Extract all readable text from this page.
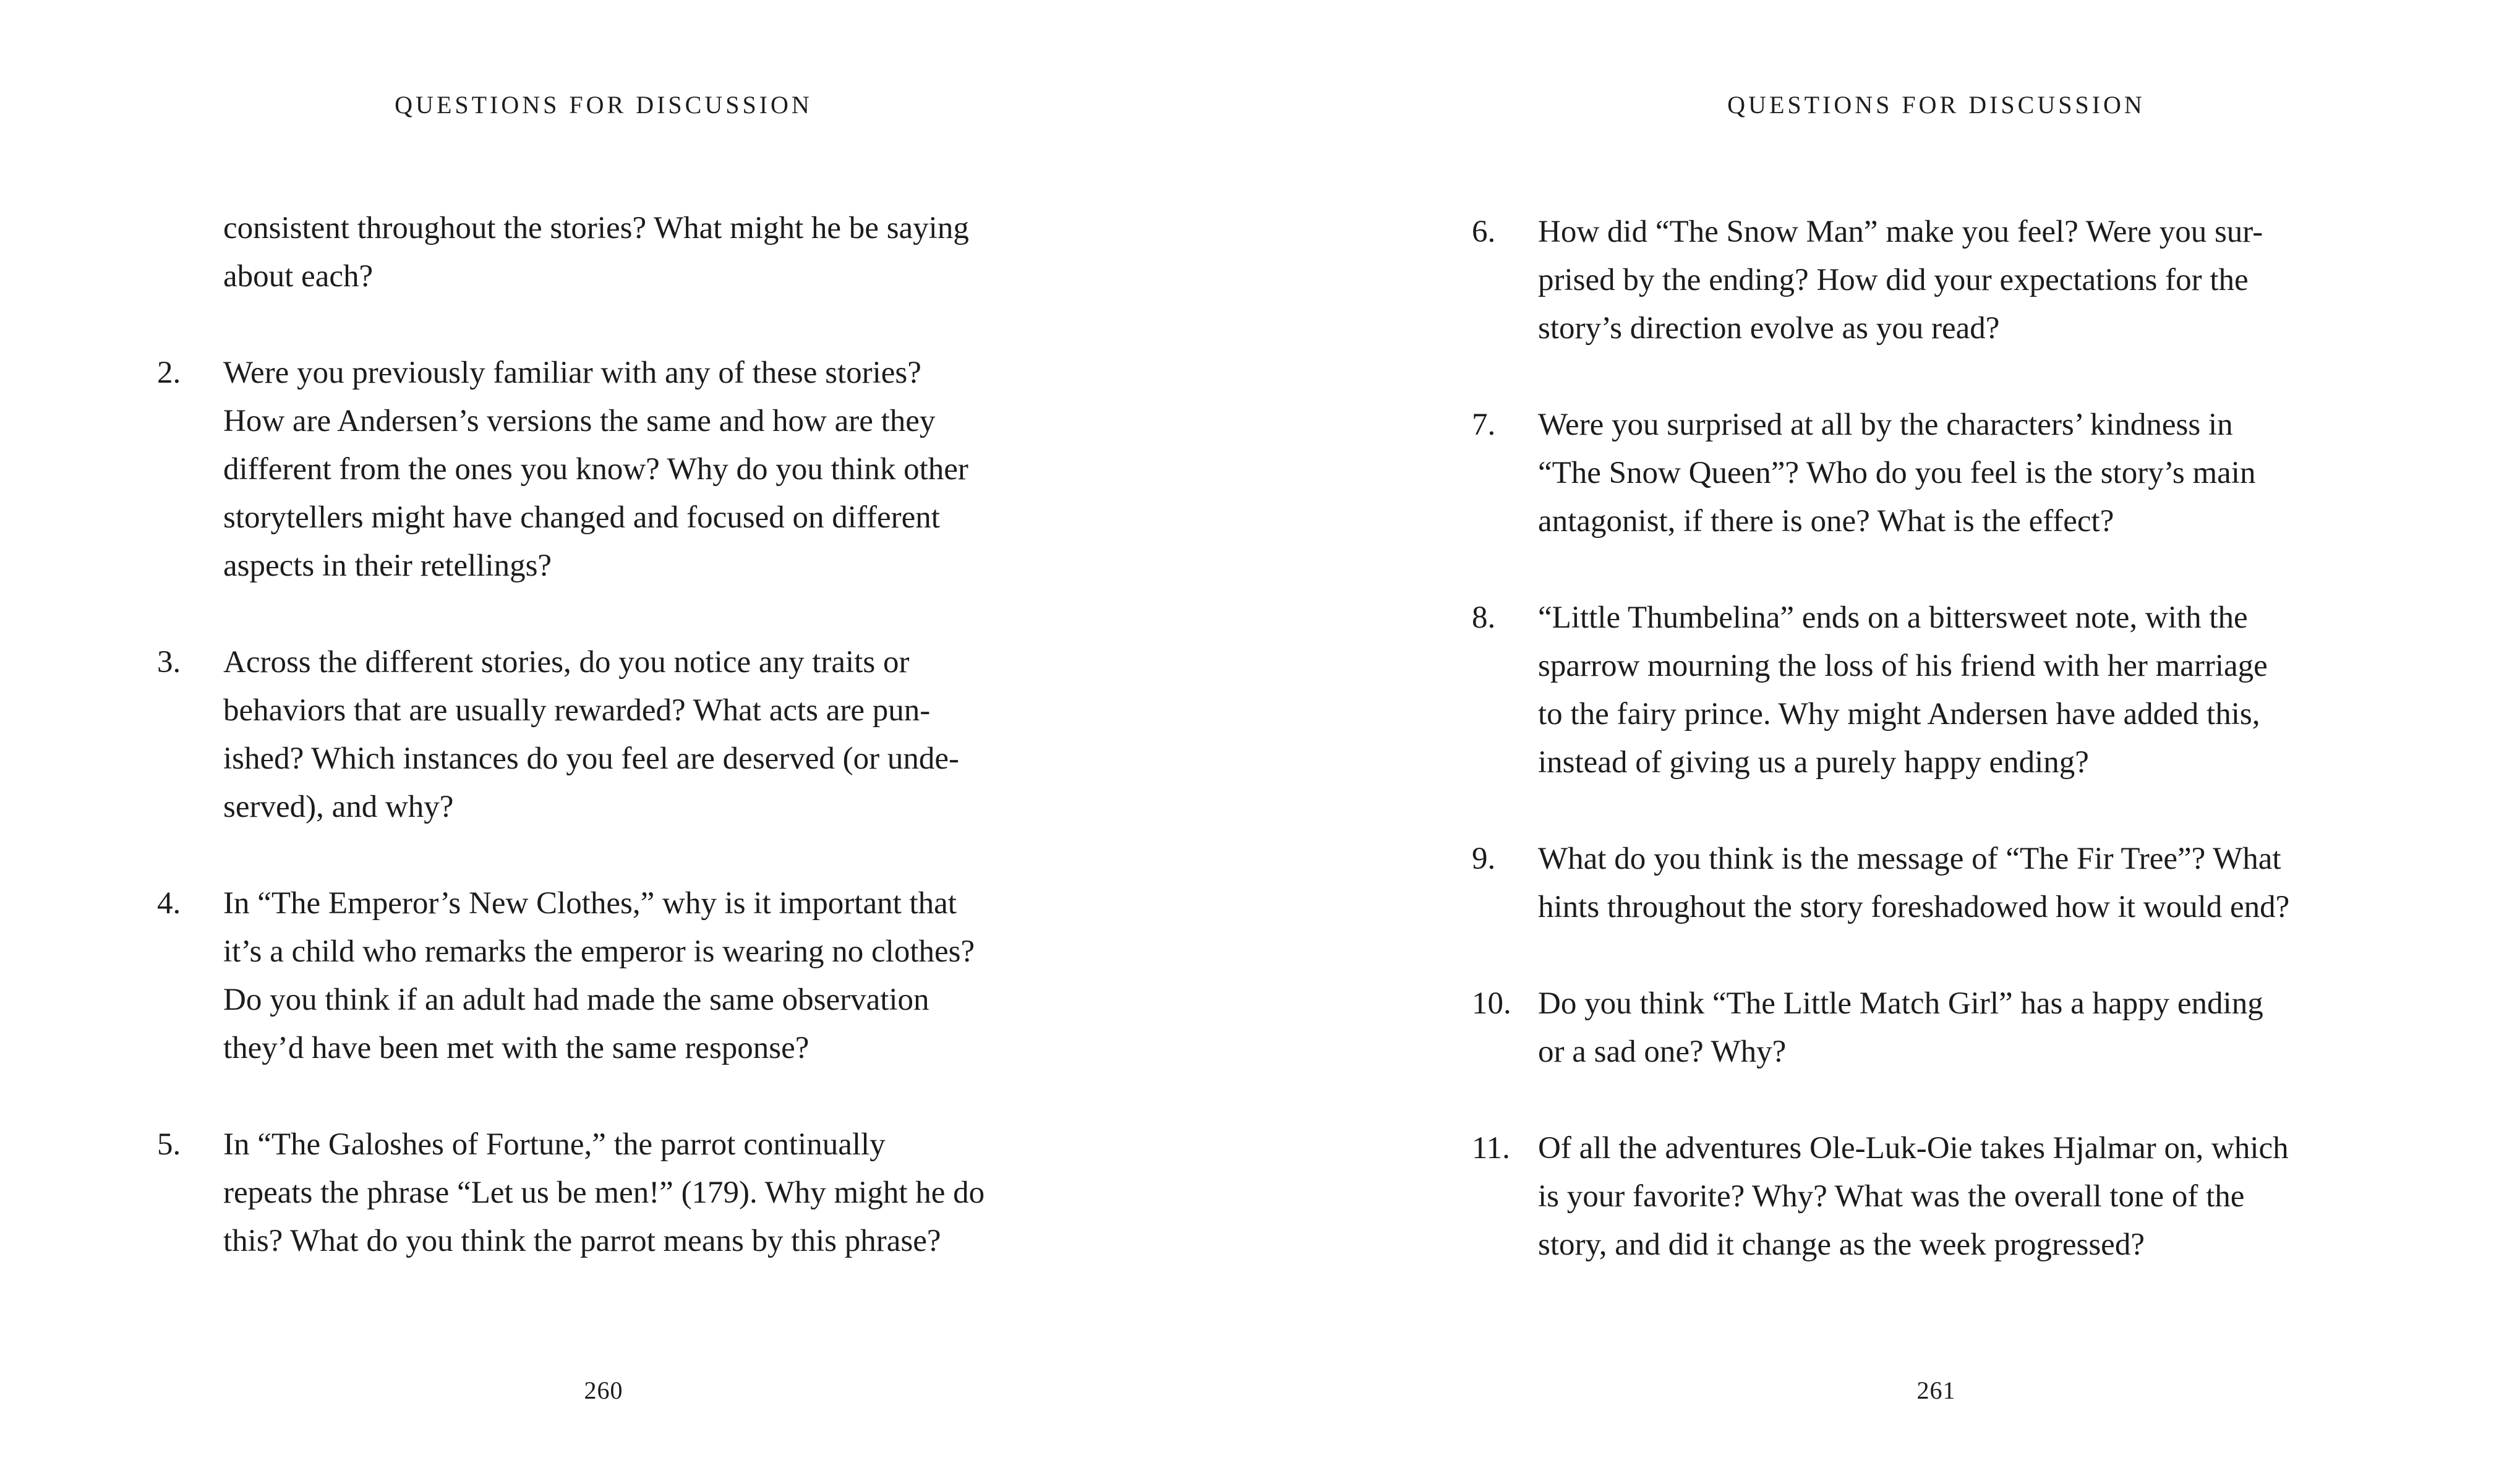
QUESTIONS FOR DISCUSSION
consistent throughout the stories? What might he be saying
about each?
2.	Were you previously familiar with any of these stories?
How are Andersen’s versions the same and how are they
different from the ones you know? Why do you think other
storytellers might have changed and focused on different
aspects in their retellings?
3.	Across the different stories, do you notice any traits or
behaviors that are usually rewarded? What acts are pun-
ished? Which instances do you feel are deserved (or unde-
served), and why?
4.	In “The Emperor’s New Clothes,” why is it important that
it’s a child who remarks the emperor is wearing no clothes?
Do you think if an adult had made the same observation
they’d have been met with the same response?
5.	In “The Galoshes of Fortune,” the parrot continually
repeats the phrase “Let us be men!” (179). Why might he do
this? What do you think the parrot means by this phrase?
260
QUESTIONS FOR DISCUSSION
6.	How did “The Snow Man” make you feel? Were you sur-
prised by the ending? How did your expectations for the
story’s direction evolve as you read?
7.	Were you surprised at all by the characters’ kindness in
“The Snow Queen”? Who do you feel is the story’s main
antagonist, if there is one? What is the effect?
8.	“Little Thumbelina” ends on a bittersweet note, with the
sparrow mourning the loss of his friend with her marriage
to the fairy prince. Why might Andersen have added this,
instead of giving us a purely happy ending?
9.	What do you think is the message of “The Fir Tree”? What
hints throughout the story foreshadowed how it would end?
10. Do you think “The Little Match Girl” has a happy ending
or a sad one? Why?
11. Of all the adventures Ole-Luk-Oie takes Hjalmar on, which
is your favorite? Why? What was the overall tone of the
story, and did it change as the week progressed?
261
